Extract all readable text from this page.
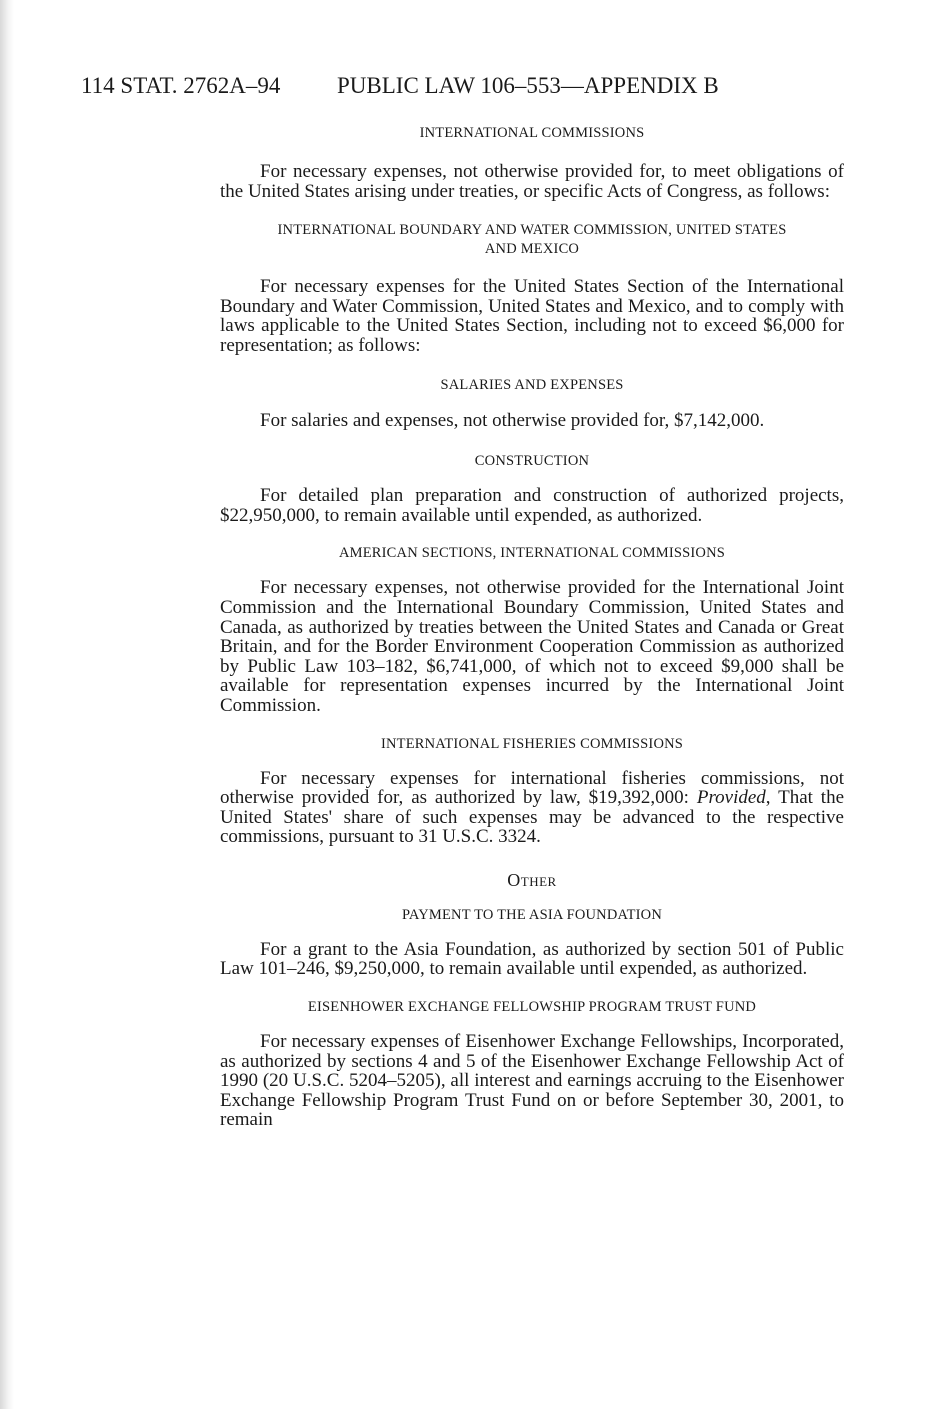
114 STAT. 2762A–94 PUBLIC LAW 106–553—APPENDIX B
INTERNATIONAL COMMISSIONS

For necessary expenses, not otherwise provided for, to meet obligations of the United States arising under treaties, or specific Acts of Congress, as follows:

INTERNATIONAL BOUNDARY AND WATER COMMISSION, UNITED STATES
AND MEXICO

For necessary expenses for the United States Section of the International Boundary and Water Commission, United States and Mexico, and to comply with laws applicable to the United States Section, including not to exceed $6,000 for representation; as follows:

SALARIES AND EXPENSES

For salaries and expenses, not otherwise provided for, $7,142,000.

CONSTRUCTION

For detailed plan preparation and construction of authorized projects, $22,950,000, to remain available until expended, as authorized.

AMERICAN SECTIONS, INTERNATIONAL COMMISSIONS

For necessary expenses, not otherwise provided for the International Joint Commission and the International Boundary Commission, United States and Canada, as authorized by treaties between the United States and Canada or Great Britain, and for the Border Environment Cooperation Commission as authorized by Public Law 103–182, $6,741,000, of which not to exceed $9,000 shall be available for representation expenses incurred by the International Joint Commission.

INTERNATIONAL FISHERIES COMMISSIONS

For necessary expenses for international fisheries commissions, not otherwise provided for, as authorized by law, $19,392,000: Provided, That the United States' share of such expenses may be advanced to the respective commissions, pursuant to 31 U.S.C. 3324.

Other
PAYMENT TO THE ASIA FOUNDATION

For a grant to the Asia Foundation, as authorized by section 501 of Public Law 101–246, $9,250,000, to remain available until expended, as authorized.

EISENHOWER EXCHANGE FELLOWSHIP PROGRAM TRUST FUND

For necessary expenses of Eisenhower Exchange Fellowships, Incorporated, as authorized by sections 4 and 5 of the Eisenhower Exchange Fellowship Act of 1990 (20 U.S.C. 5204–5205), all interest and earnings accruing to the Eisenhower Exchange Fellowship Program Trust Fund on or before September 30, 2001, to remain
